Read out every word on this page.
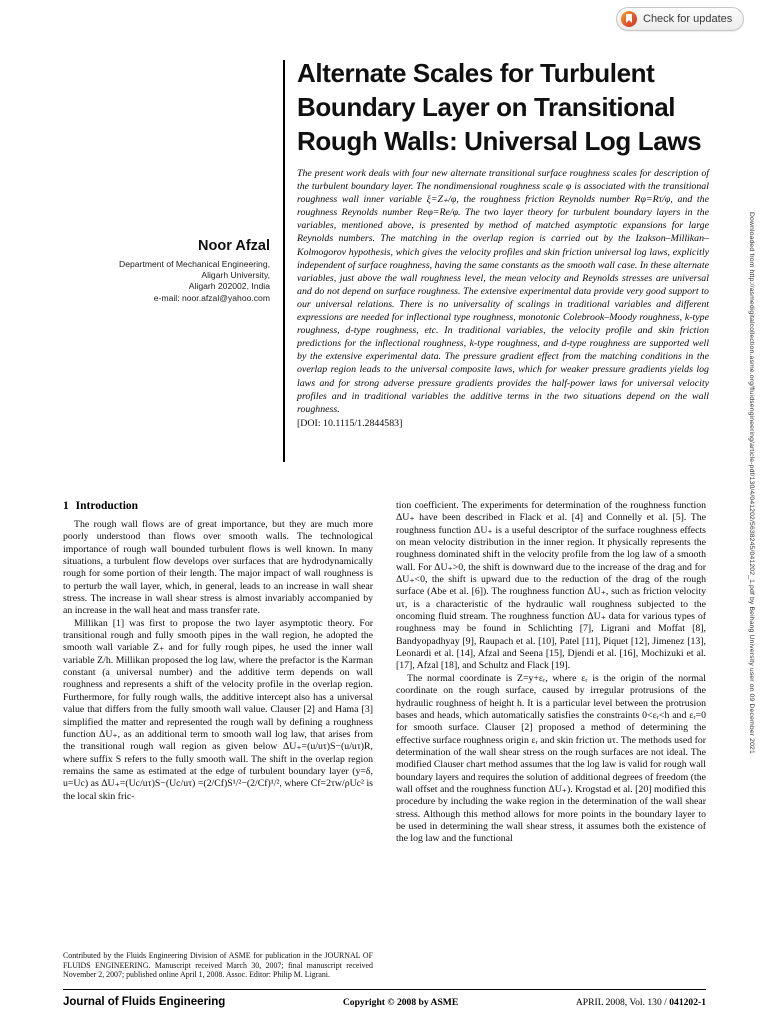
Check for updates
Alternate Scales for Turbulent
Boundary Layer on Transitional
Rough Walls: Universal Log Laws
Noor Afzal
Department of Mechanical Engineering,
Aligarh University,
Aligarh 202002, India
e-mail: noor.afzal@yahoo.com
The present work deals with four new alternate transitional surface roughness scales for description of the turbulent boundary layer. The nondimensional roughness scale φ is associated with the transitional roughness wall inner variable ξ=Z₊/φ, the roughness friction Reynolds number Rφ=Rτ/φ, and the roughness Reynolds number Reφ=Re/φ. The two layer theory for turbulent boundary layers in the variables, mentioned above, is presented by method of matched asymptotic expansions for large Reynolds numbers. The matching in the overlap region is carried out by the Izakson–Millikan–Kolmogorov hypothesis, which gives the velocity profiles and skin friction universal log laws, explicitly independent of surface roughness, having the same constants as the smooth wall case. In these alternate variables, just above the wall roughness level, the mean velocity and Reynolds stresses are universal and do not depend on surface roughness. The extensive experimental data provide very good support to our universal relations. There is no universality of scalings in traditional variables and different expressions are needed for inflectional type roughness, monotonic Colebrook–Moody roughness, k-type roughness, d-type roughness, etc. In traditional variables, the velocity profile and skin friction predictions for the inflectional roughness, k-type roughness, and d-type roughness are supported well by the extensive experimental data. The pressure gradient effect from the matching conditions in the overlap region leads to the universal composite laws, which for weaker pressure gradients yields log laws and for strong adverse pressure gradients provides the half-power laws for universal velocity profiles and in traditional variables the additive terms in the two situations depend on the wall roughness.
[DOI: 10.1115/1.2844583]
1 Introduction

The rough wall flows are of great importance, but they are much more poorly understood than flows over smooth walls. The technological importance of rough wall bounded turbulent flows is well known. In many situations, a turbulent flow develops over surfaces that are hydrodynamically rough for some portion of their length. The major impact of wall roughness is to perturb the wall layer, which, in general, leads to an increase in wall shear stress. The increase in wall shear stress is almost invariably accompanied by an increase in the wall heat and mass transfer rate.

Millikan [1] was first to propose the two layer asymptotic theory. For transitional rough and fully smooth pipes in the wall region, he adopted the smooth wall variable Z₊ and for fully rough pipes, he used the inner wall variable Z/h. Millikan proposed the log law, where the prefactor is the Karman constant (a universal number) and the additive term depends on wall roughness and represents a shift of the velocity profile in the overlap region. Furthermore, for fully rough walls, the additive intercept also has a universal value that differs from the fully smooth wall value. Clauser [2] and Hama [3] simplified the matter and represented the rough wall by defining a roughness function ΔU₊, as an additional term to smooth wall log law, that arises from the transitional rough wall region as given below ΔU₊=(u/uτ)S−(u/uτ)R, where suffix S refers to the fully smooth wall. The shift in the overlap region remains the same as estimated at the edge of turbulent boundary layer (y=δ, u=Uc) as ΔU₊=(Uc/uτ)S−(Uc/uτ) =(2/Cf)S¹/²−(2/Cf)¹/², where Cf=2τw/ρUc² is the local skin fric-

tion coefficient. The experiments for determination of the roughness function ΔU₊ have been described in Flack et al. [4] and Connelly et al. [5]. The roughness function ΔU₊ is a useful descriptor of the surface roughness effects on mean velocity distribution in the inner region. It physically represents the roughness dominated shift in the velocity profile from the log law of a smooth wall. For ΔU₊>0, the shift is downward due to the increase of the drag and for ΔU₊<0, the shift is upward due to the reduction of the drag of the rough surface (Abe et al. [6]). The roughness function ΔU₊, such as friction velocity uτ, is a characteristic of the hydraulic wall roughness subjected to the oncoming fluid stream. The roughness function ΔU₊ data for various types of roughness may be found in Schlichting [7], Ligrani and Moffat [8], Bandyopadhyay [9], Raupach et al. [10], Patel [11], Piquet [12], Jimenez [13], Leonardi et al. [14], Afzal and Seena [15], Djendi et al. [16], Mochizuki et al. [17], Afzal [18], and Schultz and Flack [19].

The normal coordinate is Z=y+εᵣ, where εᵣ is the origin of the normal coordinate on the rough surface, caused by irregular protrusions of the hydraulic roughness of height h. It is a particular level between the protrusion bases and heads, which automatically satisfies the constraints 0<εᵣ<h and εᵣ=0 for smooth surface. Clauser [2] proposed a method of determining the effective surface roughness origin εᵣ and skin friction uτ. The methods used for determination of the wall shear stress on the rough surfaces are not ideal. The modified Clauser chart method assumes that the log law is valid for rough wall boundary layers and requires the solution of additional degrees of freedom (the wall offset and the roughness function ΔU₊). Krogstad et al. [20] modified this procedure by including the wake region in the determination of the wall shear stress. Although this method allows for more points in the boundary layer to be used in determining the wall shear stress, it assumes both the existence of the log law and the functional

Contributed by the Fluids Engineering Division of ASME for publication in the JOURNAL OF FLUIDS ENGINEERING. Manuscript received March 30, 2007; final manuscript received November 2, 2007; published online April 1, 2008. Assoc. Editor: Philip M. Ligrani.
Journal of Fluids Engineering	Copyright © 2008 by ASME	APRIL 2008, Vol. 130 / 041202-1
Downloaded from http://asmedigitalcollection.asme.org/fluidsengineering/article-pdf/130/4/041202/5638245/041202_1.pdf by Beihang University user on 09 December 2021
